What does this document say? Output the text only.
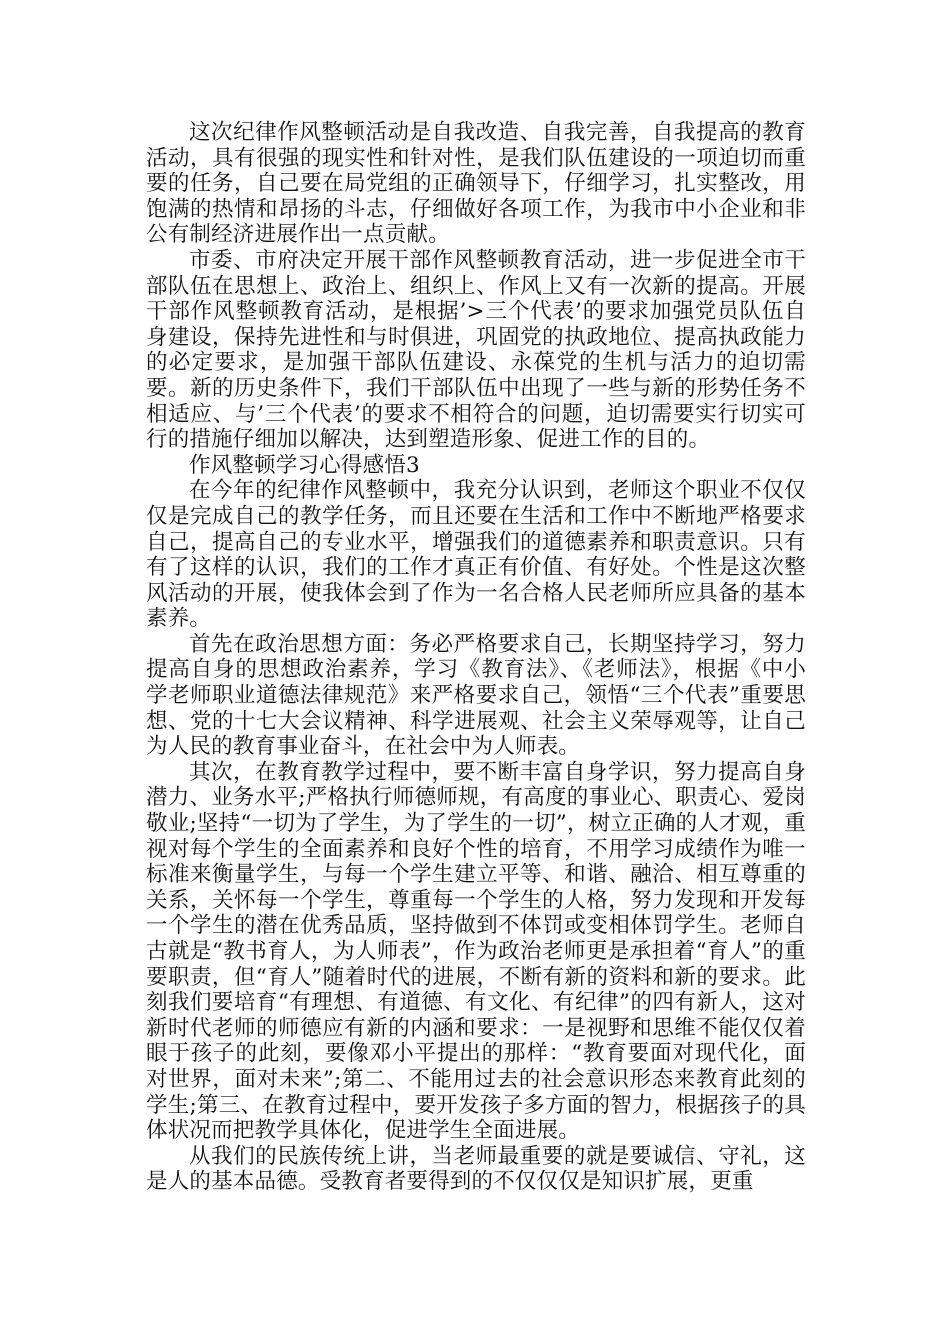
这次纪律作风整顿活动是自我改造、自我完善，自我提高的教育活动，具有很强的现实性和针对性，是我们队伍建设的一项迫切而重要的任务，自己要在局党组的正确领导下，仔细学习，扎实整改，用饱满的热情和昂扬的斗志，仔细做好各项工作，为我市中小企业和非公有制经济进展作出一点贡献。

市委、市府决定开展干部作风整顿教育活动，进一步促进全市干部队伍在思想上、政治上、组织上、作风上又有一次新的提高。开展干部作风整顿教育活动，是根据’>三个代表’的要求加强党员队伍自身建设，保持先进性和与时俱进，巩固党的执政地位、提高执政能力的必定要求，是加强干部队伍建设、永葆党的生机与活力的迫切需要。新的历史条件下，我们干部队伍中出现了一些与新的形势任务不相适应、与’三个代表’的要求不相符合的问题，迫切需要实行切实可行的措施仔细加以解决，达到塑造形象、促进工作的目的。

作风整顿学习心得感悟3

在今年的纪律作风整顿中，我充分认识到，老师这个职业不仅仅仅是完成自己的教学任务，而且还要在生活和工作中不断地严格要求自己，提高自己的专业水平，增强我们的道德素养和职责意识。只有有了这样的认识，我们的工作才真正有价值、有好处。个性是这次整风活动的开展，使我体会到了作为一名合格人民老师所应具备的基本素养。

首先在政治思想方面：务必严格要求自己，长期坚持学习，努力提高自身的思想政治素养，学习《教育法》、《老师法》，根据《中小学老师职业道德法律规范》来严格要求自己，领悟“三个代表”重要思想、党的十七大会议精神、科学进展观、社会主义荣辱观等，让自己为人民的教育事业奋斗，在社会中为人师表。

其次，在教育教学过程中，要不断丰富自身学识，努力提高自身潜力、业务水平;严格执行师德师规，有高度的事业心、职责心、爱岗敬业;坚持“一切为了学生，为了学生的一切”，树立正确的人才观，重视对每个学生的全面素养和良好个性的培育，不用学习成绩作为唯一标准来衡量学生，与每一个学生建立平等、和谐、融洽、相互尊重的关系，关怀每一个学生，尊重每一个学生的人格，努力发现和开发每一个学生的潜在优秀品质，坚持做到不体罚或变相体罚学生。老师自古就是“教书育人，为人师表”，作为政治老师更是承担着“育人”的重要职责，但“育人”随着时代的进展，不断有新的资料和新的要求。此刻我们要培育“有理想、有道德、有文化、有纪律”的四有新人，这对新时代老师的师德应有新的内涵和要求：一是视野和思维不能仅仅着眼于孩子的此刻，要像邓小平提出的那样：“教育要面对现代化，面对世界，面对未来”;第二、不能用过去的社会意识形态来教育此刻的学生;第三、在教育过程中，要开发孩子多方面的智力，根据孩子的具体状况而把教学具体化，促进学生全面进展。

从我们的民族传统上讲，当老师最重要的就是要诚信、守礼，这是人的基本品德。受教育者要得到的不仅仅仅是知识扩展，更重
